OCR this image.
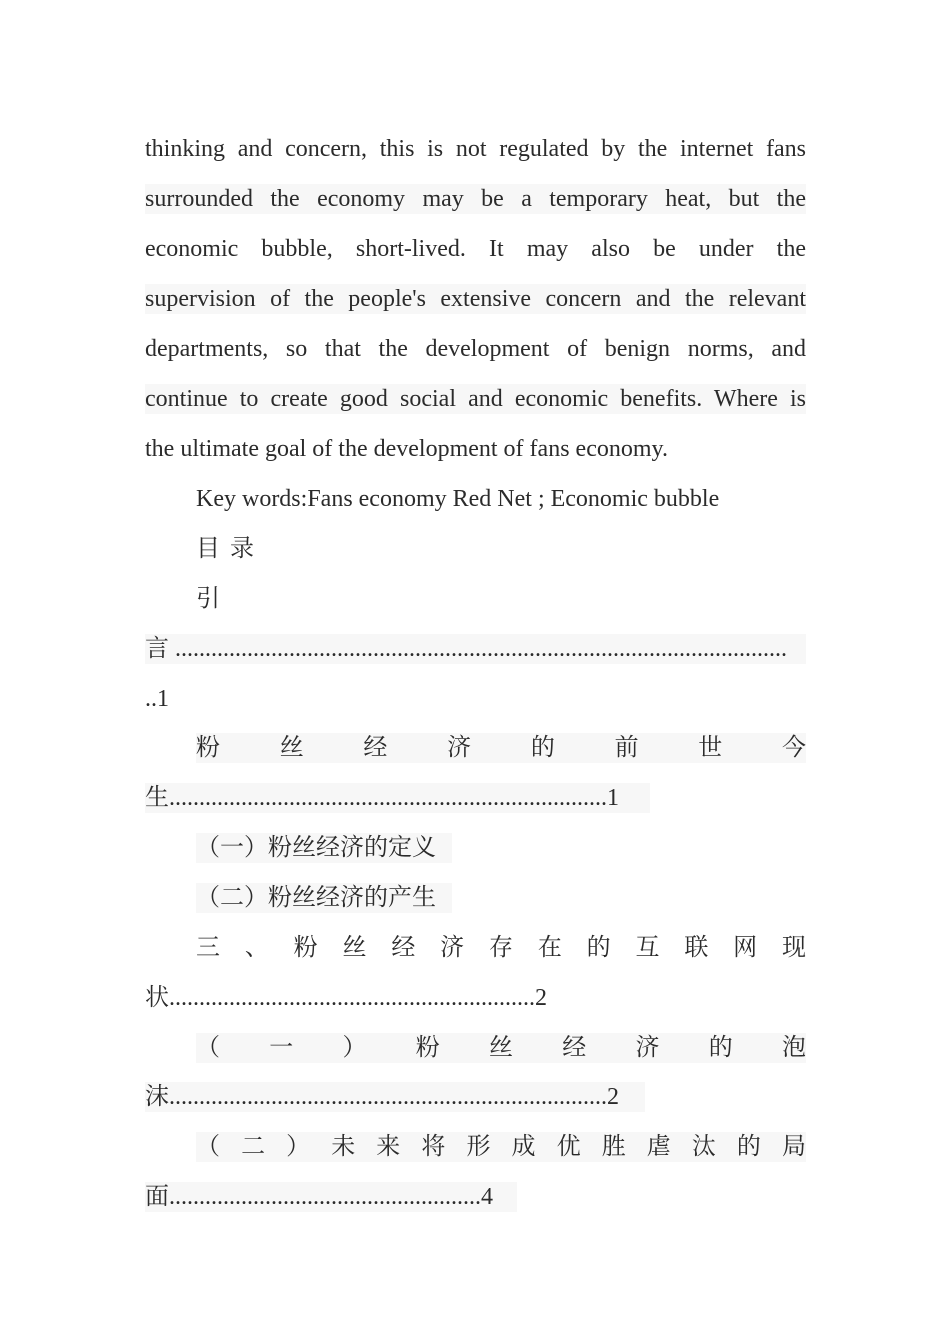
thinking and concern, this is not regulated by the internet fans
surrounded the economy may be a temporary heat, but the
economic bubble, short-lived. It may also be under the
supervision of the people's extensive concern and the relevant
departments, so that the development of benign norms, and
continue to create good social and economic benefits. Where is
the ultimate goal of the development of fans economy.
Key words:Fans economy Red Net ; Economic bubble
目 录
引
言 ......................................................................................................
..1
粉 丝 经 济 的 前 世 今
生.........................................................................1
（一）粉丝经济的定义
（二）粉丝经济的产生
三 、 粉 丝 经 济 存 在 的 互 联 网 现
状.............................................................2
（ 一 ） 粉 丝 经 济 的 泡
沫.........................................................................2
（ 二 ） 未 来 将 形 成 优 胜 虐 汰 的 局
面....................................................4
